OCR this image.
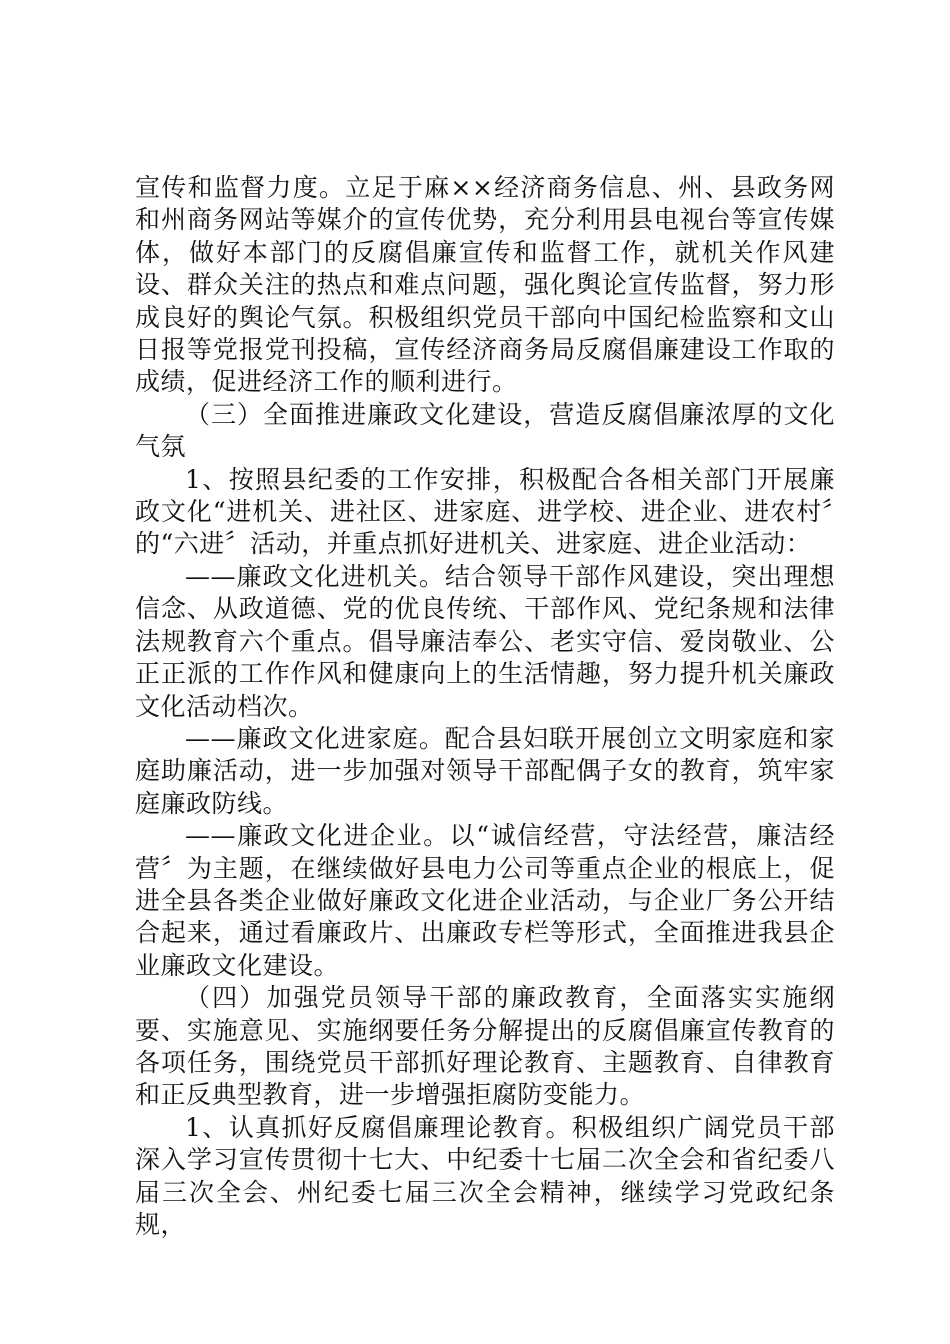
宣传和监督力度。立足于麻××经济商务信息、州、县政务网和州商务网站等媒介的宣传优势，充分利用县电视台等宣传媒体，做好本部门的反腐倡廉宣传和监督工作，就机关作风建设、群众关注的热点和难点问题，强化舆论宣传监督，努力形成良好的舆论气氛。积极组织党员干部向中国纪检监察和文山日报等党报党刊投稿，宣传经济商务局反腐倡廉建设工作取的成绩，促进经济工作的顺利进行。

（三）全面推进廉政文化建设，营造反腐倡廉浓厚的文化气氛

1、按照县纪委的工作安排，积极配合各相关部门开展廉政文化“进机关、进社区、进家庭、进学校、进企业、进农村〞的“六进〞活动，并重点抓好进机关、进家庭、进企业活动：

——廉政文化进机关。结合领导干部作风建设，突出理想信念、从政道德、党的优良传统、干部作风、党纪条规和法律法规教育六个重点。倡导廉洁奉公、老实守信、爱岗敬业、公正正派的工作作风和健康向上的生活情趣，努力提升机关廉政文化活动档次。

——廉政文化进家庭。配合县妇联开展创立文明家庭和家庭助廉活动，进一步加强对领导干部配偶子女的教育，筑牢家庭廉政防线。

——廉政文化进企业。以“诚信经营，守法经营，廉洁经营〞为主题，在继续做好县电力公司等重点企业的根底上，促进全县各类企业做好廉政文化进企业活动，与企业厂务公开结合起来，通过看廉政片、出廉政专栏等形式，全面推进我县企业廉政文化建设。

（四）加强党员领导干部的廉政教育，全面落实实施纲要、实施意见、实施纲要任务分解提出的反腐倡廉宣传教育的各项任务，围绕党员干部抓好理论教育、主题教育、自律教育和正反典型教育，进一步增强拒腐防变能力。

1、认真抓好反腐倡廉理论教育。积极组织广阔党员干部深入学习宣传贯彻十七大、中纪委十七届二次全会和省纪委八届三次全会、州纪委七届三次全会精神，继续学习党政纪条规，
